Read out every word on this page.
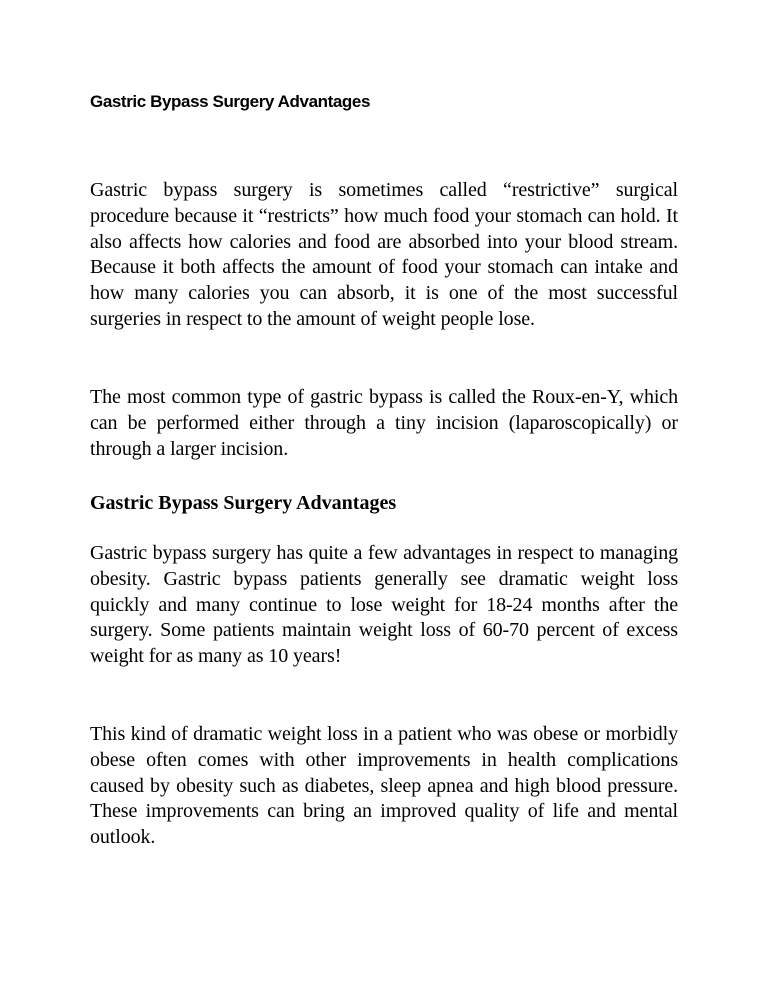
Gastric Bypass Surgery Advantages

Gastric bypass surgery is sometimes called “restrictive” surgical procedure because it “restricts” how much food your stomach can hold. It also affects how calories and food are absorbed into your blood stream. Because it both affects the amount of food your stomach can intake and how many calories you can absorb, it is one of the most successful surgeries in respect to the amount of weight people lose.

The most common type of gastric bypass is called the Roux-en-Y, which can be performed either through a tiny incision (laparoscopically) or through a larger incision.

Gastric Bypass Surgery Advantages

Gastric bypass surgery has quite a few advantages in respect to managing obesity. Gastric bypass patients generally see dramatic weight loss quickly and many continue to lose weight for 18-24 months after the surgery. Some patients maintain weight loss of 60-70 percent of excess weight for as many as 10 years!

This kind of dramatic weight loss in a patient who was obese or morbidly obese often comes with other improvements in health complications caused by obesity such as diabetes, sleep apnea and high blood pressure. These improvements can bring an improved quality of life and mental outlook.
